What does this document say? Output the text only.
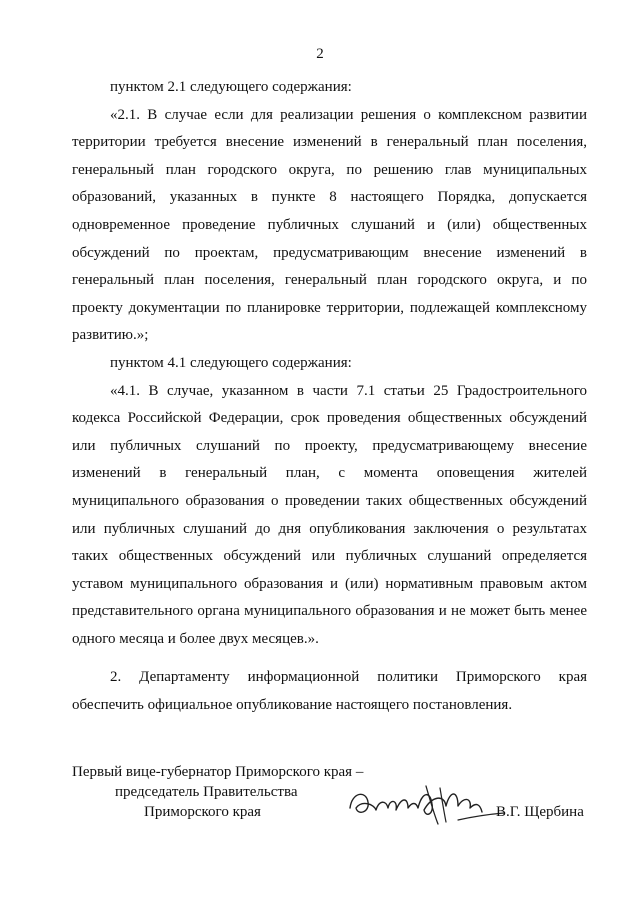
2

пунктом 2.1 следующего содержания:

«2.1. В случае если для реализации решения о комплексном развитии территории требуется внесение изменений в генеральный план поселения, генеральный план городского округа, по решению глав муниципальных образований, указанных в пункте 8 настоящего Порядка, допускается одновременное проведение публичных слушаний и (или) общественных обсуждений по проектам, предусматривающим внесение изменений в генеральный план поселения, генеральный план городского округа, и по проекту документации по планировке территории, подлежащей комплексному развитию.»;

пунктом 4.1 следующего содержания:

«4.1. В случае, указанном в части 7.1 статьи 25 Градостроительного кодекса Российской Федерации, срок проведения общественных обсуждений или публичных слушаний по проекту, предусматривающему внесение изменений в генеральный план, с момента оповещения жителей муниципального образования о проведении таких общественных обсуждений или публичных слушаний до дня опубликования заключения о результатах таких общественных обсуждений или публичных слушаний определяется уставом муниципального образования и (или) нормативным правовым актом представительного органа муниципального образования и не может быть менее одного месяца и более двух месяцев.».

2. Департаменту информационной политики Приморского края обеспечить официальное опубликование настоящего постановления.

Первый вице-губернатор Приморского края –
председатель Правительства
Приморского края	В.Г. Щербина
